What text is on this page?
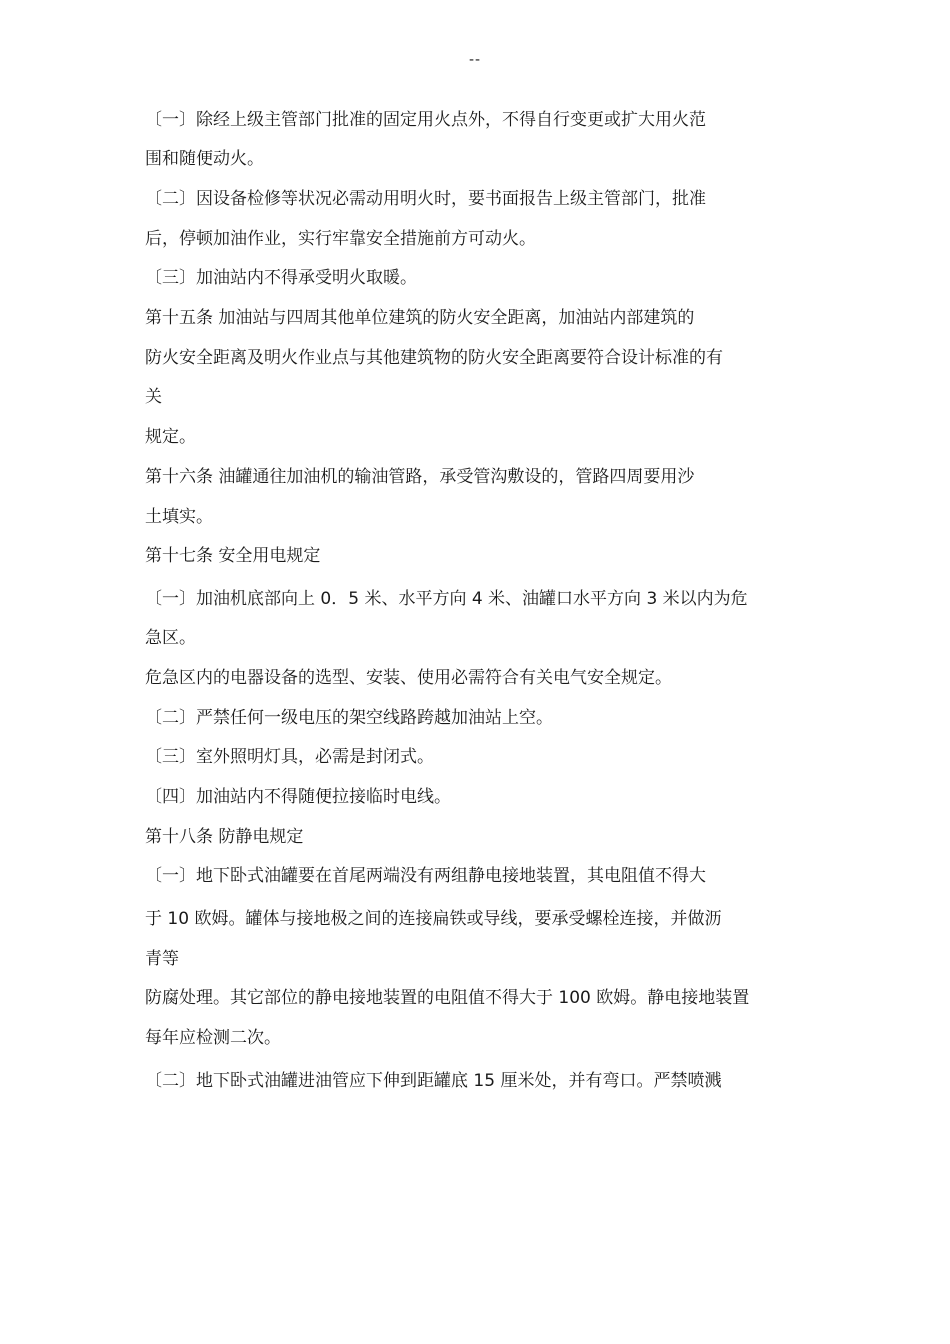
--
〔一〕除经上级主管部门批准的固定用火点外，不得自行变更或扩大用火范
围和随便动火。
〔二〕因设备检修等状况必需动用明火时，要书面报告上级主管部门，批准
后，停顿加油作业，实行牢靠安全措施前方可动火。
〔三〕加油站内不得承受明火取暖。
第十五条 加油站与四周其他单位建筑的防火安全距离，加油站内部建筑的
防火安全距离及明火作业点与其他建筑物的防火安全距离要符合设计标准的有
关
规定。
第十六条 油罐通往加油机的输油管路，承受管沟敷设的，管路四周要用沙
土填实。
第十七条 安全用电规定
〔一〕加油机底部向上 0．5 米、水平方向 4 米、油罐口水平方向 3 米以内为危
急区。
危急区内的电器设备的选型、安装、使用必需符合有关电气安全规定。
〔二〕严禁任何一级电压的架空线路跨越加油站上空。
〔三〕室外照明灯具，必需是封闭式。
〔四〕加油站内不得随便拉接临时电线。
第十八条 防静电规定
〔一〕地下卧式油罐要在首尾两端没有两组静电接地装置，其电阻值不得大
于 10 欧姆。罐体与接地极之间的连接扁铁或导线，要承受螺栓连接，并做沥
青等
防腐处理。其它部位的静电接地装置的电阻值不得大于 100 欧姆。静电接地装置
每年应检测二次。
〔二〕地下卧式油罐进油管应下伸到距罐底 15 厘米处，并有弯口。严禁喷溅
